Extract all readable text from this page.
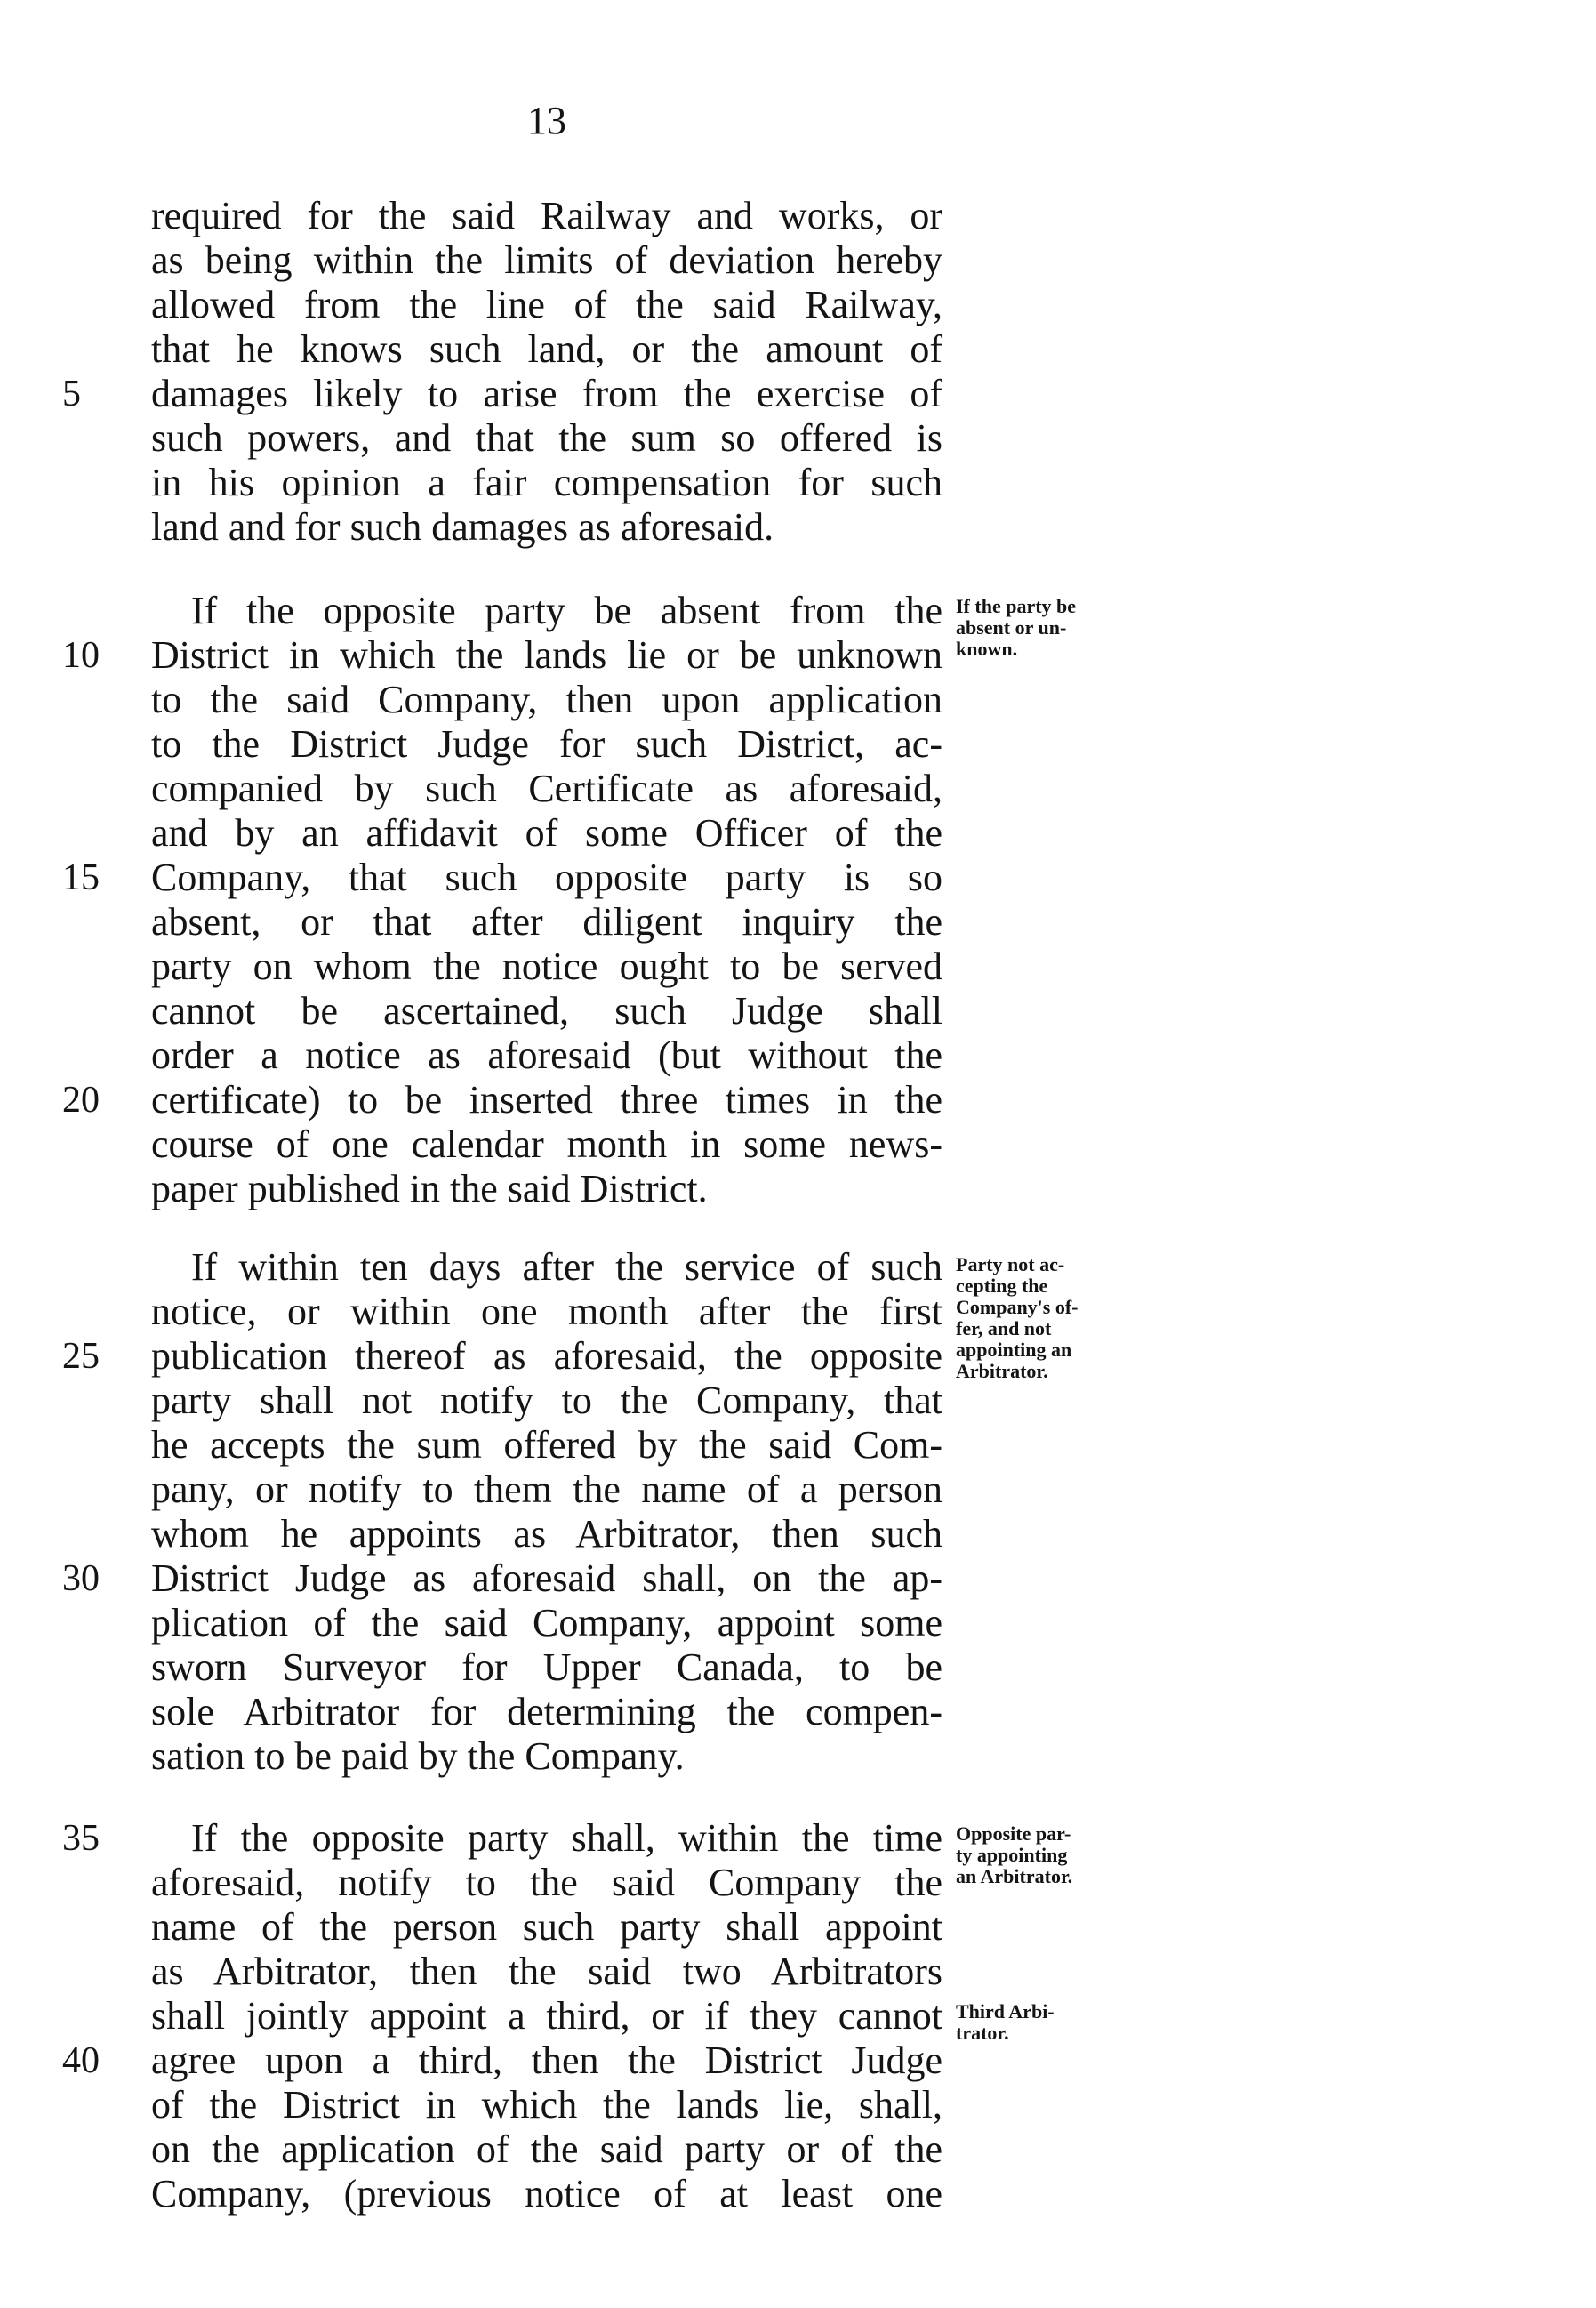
13
required for the said Railway and works, or
as being within the limits of deviation hereby
allowed from the line of the said Railway,
that he knows such land, or the amount of
damages likely to arise from the exercise of
such powers, and that the sum so offered is
in his opinion a fair compensation for such
land and for such damages as aforesaid.
If the opposite party be absent from the
District in which the lands lie or be unknown
to the said Company, then upon application
to the District Judge for such District, ac-
companied by such Certificate as aforesaid,
and by an affidavit of some Officer of the
Company, that such opposite party is so
absent, or that after diligent inquiry the
party on whom the notice ought to be served
cannot be ascertained, such Judge shall
order a notice as aforesaid (but without the
certificate) to be inserted three times in the
course of one calendar month in some news-
paper published in the said District.
If within ten days after the service of such
notice, or within one month after the first
publication thereof as aforesaid, the opposite
party shall not notify to the Company, that
he accepts the sum offered by the said Com-
pany, or notify to them the name of a person
whom he appoints as Arbitrator, then such
District Judge as aforesaid shall, on the ap-
plication of the said Company, appoint some
sworn Surveyor for Upper Canada, to be
sole Arbitrator for determining the compen-
sation to be paid by the Company.
If the opposite party shall, within the time
aforesaid, notify to the said Company the
name of the person such party shall appoint
as Arbitrator, then the said two Arbitrators
shall jointly appoint a third, or if they cannot
agree upon a third, then the District Judge
of the District in which the lands lie, shall,
on the application of the said party or of the
Company, (previous notice of at least one
5
10
15
20
25
30
35
40
If the party be
absent or un-
known.
Party not ac-
cepting the
Company's of-
fer, and not
appointing an
Arbitrator.
Opposite par-
ty appointing
an Arbitrator.
Third Arbi-
trator.
